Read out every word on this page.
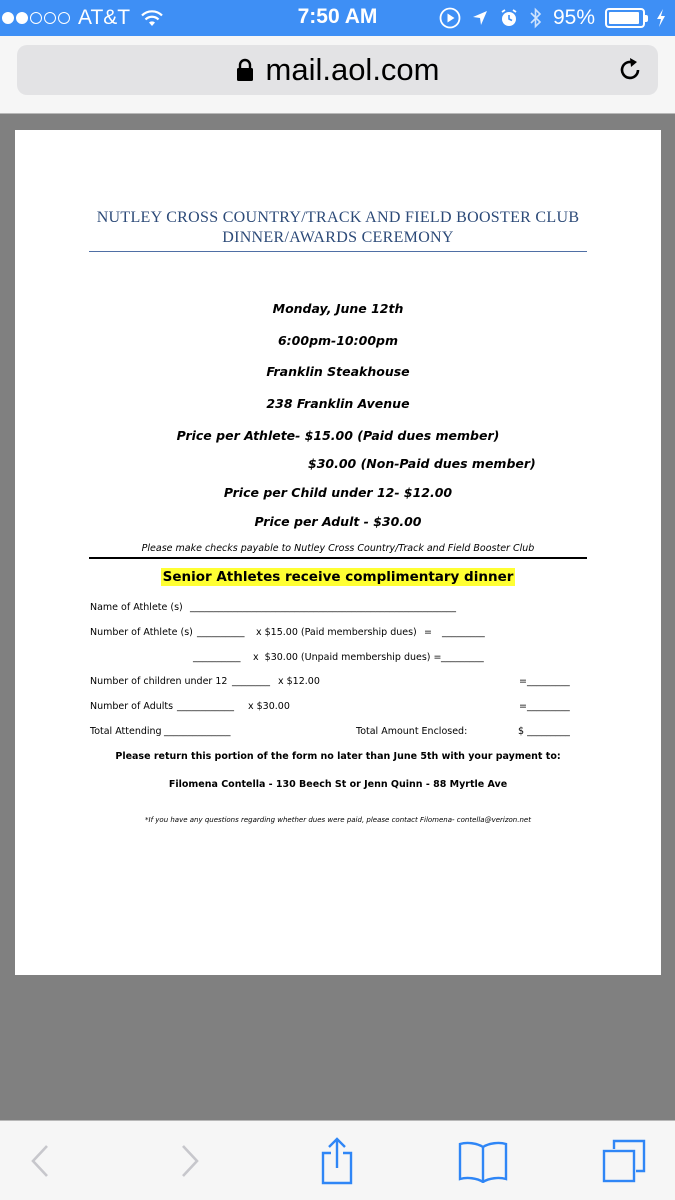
AT&T	7:50 AM	95%
mail.aol.com
NUTLEY CROSS COUNTRY/TRACK AND FIELD BOOSTER CLUB
DINNER/AWARDS CEREMONY
Monday, June 12th
6:00pm-10:00pm
Franklin Steakhouse
238 Franklin Avenue
Price per Athlete- $15.00 (Paid dues member)
$30.00 (Non-Paid dues member)
Price per Child under 12- $12.00
Price per Adult - $30.00
Please make checks payable to Nutley Cross Country/Track and Field Booster Club
Senior Athletes receive complimentary dinner
Name of Athlete (s) ________________________________________________________
Number of Athlete (s) __________ x $15.00 (Paid membership dues) = _________
__________ x  $30.00 (Unpaid membership dues) = _________
Number of children under 12 ________ x $12.00	=_________
Number of Adults ____________ x $30.00	=_________
Total Attending ______________	Total Amount Enclosed:	$ _________
Please return this portion of the form no later than June 5th with your payment to:
Filomena Contella - 130 Beech St or Jenn Quinn - 88 Myrtle Ave
*If you have any questions regarding whether dues were paid, please contact Filomena- contella@verizon.net
